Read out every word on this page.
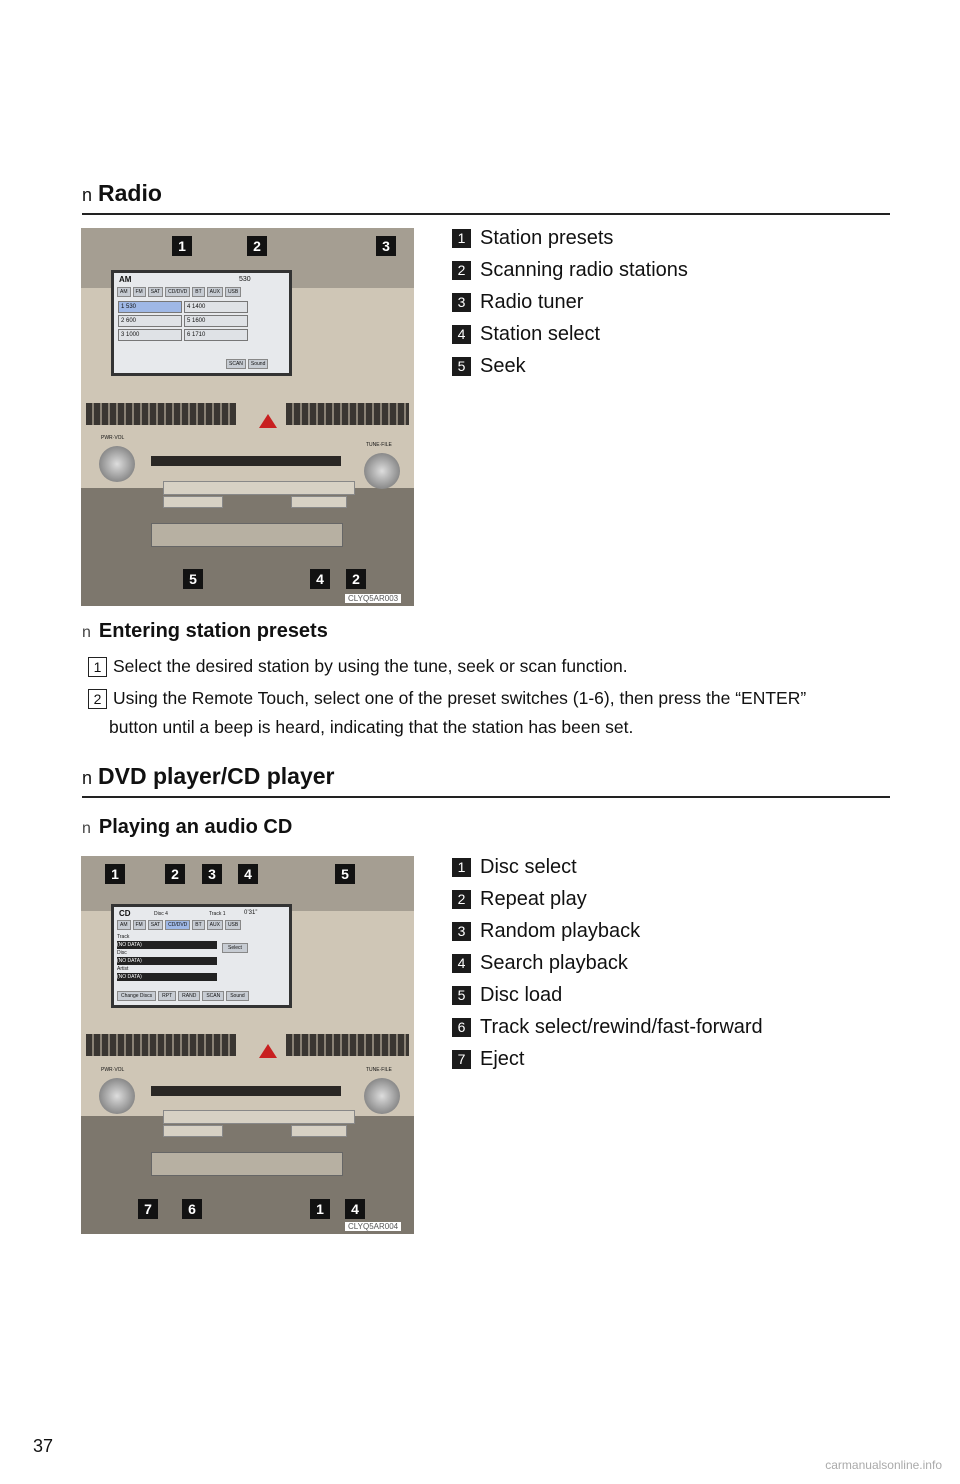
n Radio
AM	530
AM	FM	SAT	CD/DVD	BT	AUX	USB
1 530	4 1400
2 600	5 1600
3 1000	6 1710
SCAN	Sound
PWR·VOL
TUNE·FILE
1	2	3
5	4	2
CLYQ5AR003
1 Station presets
2 Scanning radio stations
3 Radio tuner
4 Station select
5 Seek
n Entering station presets
1 Select the desired station by using the tune, seek or scan function.
2 Using the Remote Touch, select one of the preset switches (1-6), then press the “ENTER”
button until a beep is heard, indicating that the station has been set.
n DVD player/CD player
n Playing an audio CD
CD	Disc 4	Track 1	0’31”
AM	FM	SAT	CD/DVD	BT	AUX	USB
Track
(NO DATA)
Disc
(NO DATA)
Artist
(NO DATA)
Select
Change Discs	RPT	RAND	SCAN	Sound
PWR·VOL	TUNE·FILE
1	2	3	4	5
7	6	1	4
CLYQ5AR004
1 Disc select
2 Repeat play
3 Random playback
4 Search playback
5 Disc load
6 Track select/rewind/fast-forward
7 Eject
37
carmanualsonline.info
